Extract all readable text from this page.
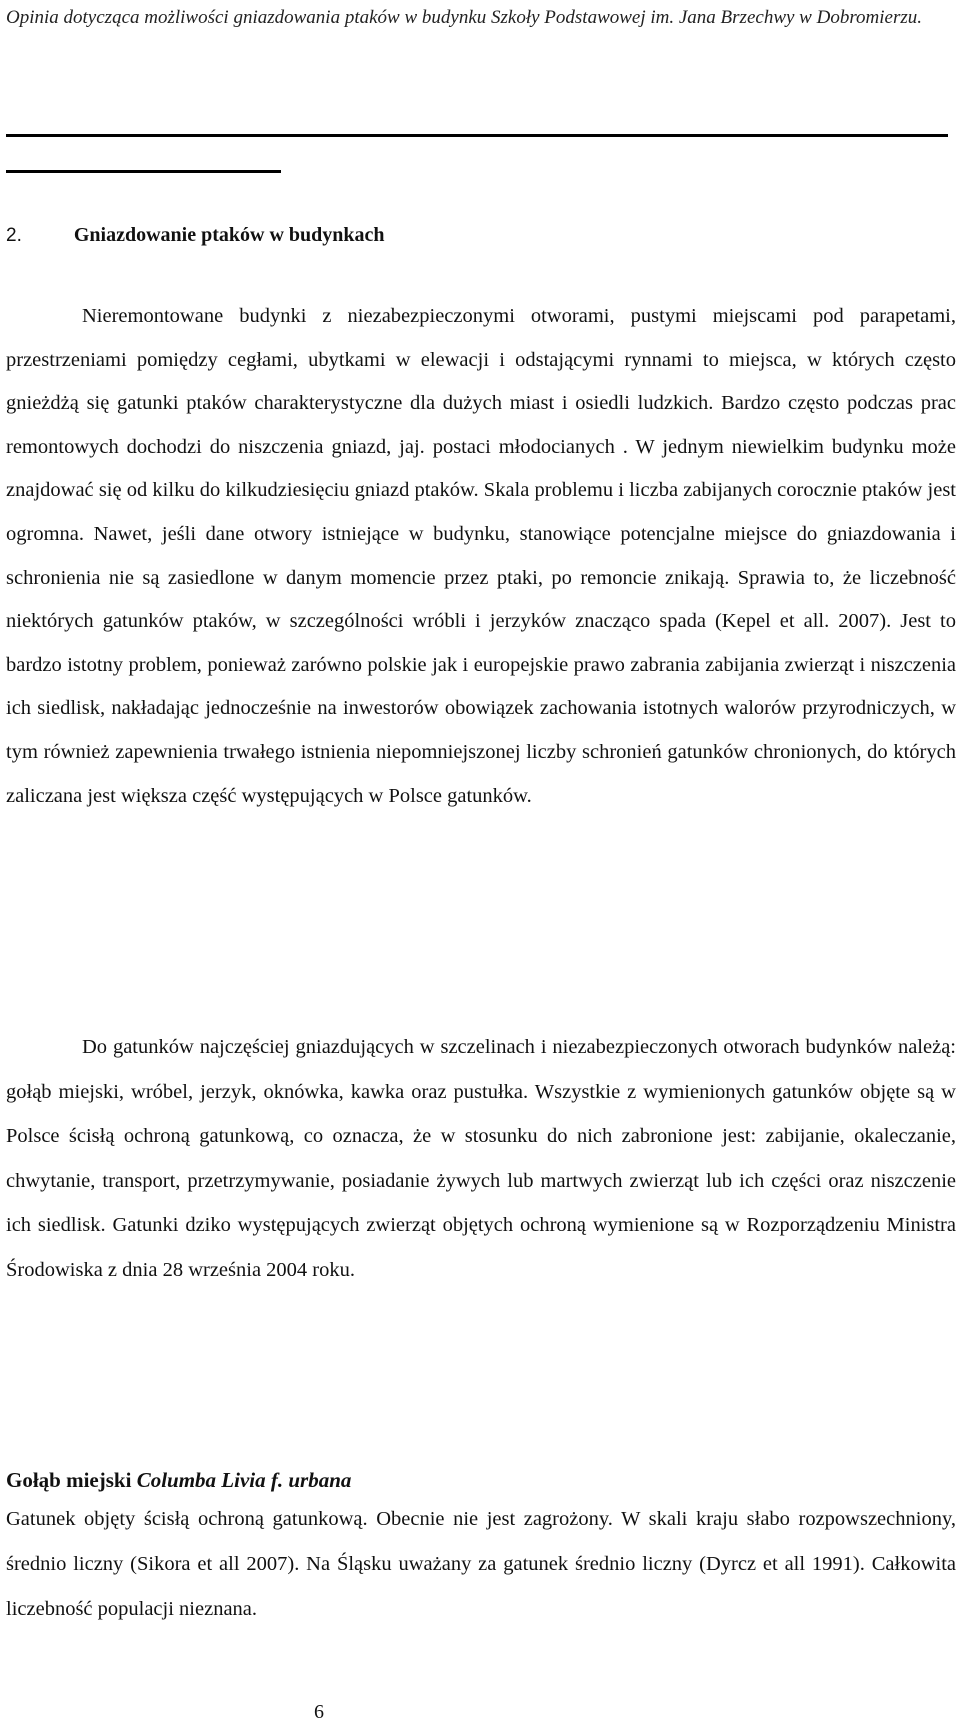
Opinia dotycząca możliwości gniazdowania ptaków w budynku Szkoły Podstawowej im. Jana Brzechwy w Dobromierzu.
2.	Gniazdowanie ptaków w budynkach

Nieremontowane budynki z niezabezpieczonymi otworami, pustymi miejscami pod parapetami, przestrzeniami pomiędzy cegłami, ubytkami w elewacji i odstającymi rynnami to miejsca, w których często gnieżdżą się gatunki ptaków charakterystyczne dla dużych miast i osiedli ludzkich. Bardzo często podczas prac remontowych dochodzi do niszczenia gniazd, jaj. postaci młodocianych . W jednym niewielkim budynku może znajdować się od kilku do kilkudziesięciu gniazd ptaków. Skala problemu i liczba zabijanych corocznie ptaków jest ogromna. Nawet, jeśli dane otwory istniejące w budynku, stanowiące potencjalne miejsce do gniazdowania i schronienia nie są zasiedlone w danym momencie przez ptaki, po remoncie znikają. Sprawia to, że liczebność niektórych gatunków ptaków, w szczególności wróbli i jerzyków znacząco spada (Kepel et all. 2007). Jest to bardzo istotny problem, ponieważ zarówno polskie jak i europejskie prawo zabrania zabijania zwierząt i niszczenia ich siedlisk, nakładając jednocześnie na inwestorów obowiązek zachowania istotnych walorów przyrodniczych, w tym również zapewnienia trwałego istnienia niepomniejszonej liczby schronień gatunków chronionych, do których zaliczana jest większa część występujących w Polsce gatunków.

Do gatunków najczęściej gniazdujących w szczelinach i niezabezpieczonych otworach budynków należą: gołąb miejski, wróbel, jerzyk, oknówka, kawka oraz pustułka. Wszystkie z wymienionych gatunków objęte są w Polsce ścisłą ochroną gatunkową, co oznacza, że w stosunku do nich zabronione jest: zabijanie, okaleczanie, chwytanie, transport, przetrzymywanie, posiadanie żywych lub martwych zwierząt lub ich części oraz niszczenie ich siedlisk. Gatunki dziko występujących zwierząt objętych ochroną wymienione są w Rozporządzeniu Ministra Środowiska z dnia 28 września 2004 roku.

Gołąb miejski Columba Livia f. urbana

Gatunek objęty ścisłą ochroną gatunkową. Obecnie nie jest zagrożony. W skali kraju słabo rozpowszechniony, średnio liczny (Sikora et all 2007). Na Śląsku uważany za gatunek średnio liczny (Dyrcz et all 1991). Całkowita liczebność populacji nieznana.

6
